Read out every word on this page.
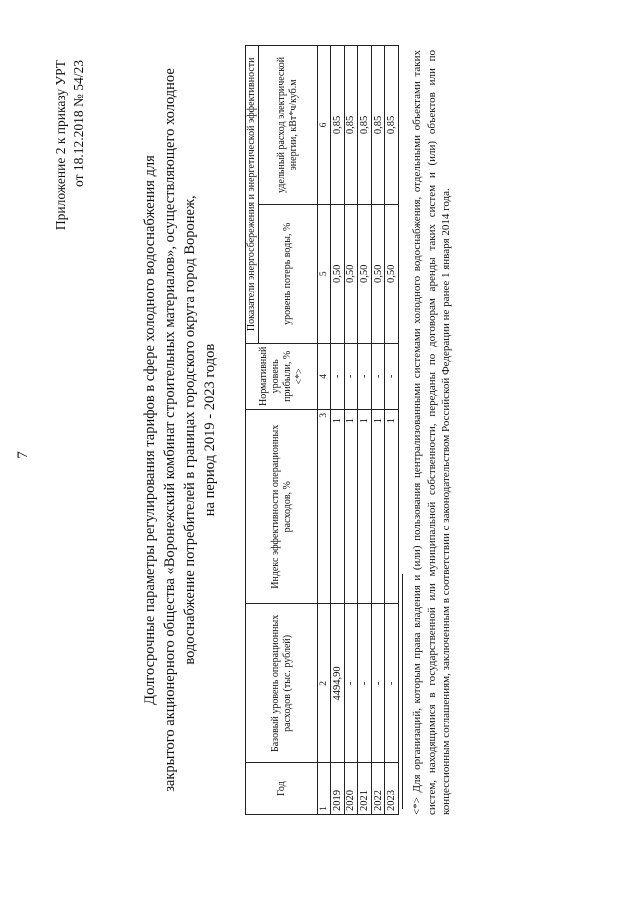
7
Приложение 2 к приказу УРТ от 18.12.2018 № 54/23
Долгосрочные параметры регулирования тарифов в сфере холодного водоснабжения для закрытого акционерного общества «Воронежский комбинат строительных материалов», осуществляющего холодное водоснабжение потребителей в границах городского округа город Воронеж, на период 2019 - 2023 годов
Год	Базовый уровень операционных расходов (тыс. рублей)	Индекс эффективности операционных расходов, %	Нормативный уровень прибыли, % <*>	Показатели энергосбережения и энергетической эффективности	
				уровень потерь воды, %	удельный расход электрической энергии, кВт*ч/куб.м
1	2	3	4	5	6
2019	4494,90	1	-	0,50	0,85
2020	-	1	-	0,50	0,85
2021	-	1	-	0,50	0,85
2022	-	1	-	0,50	0,85
2023	-	1	-	0,50	0,85 <*> Для организаций, которым права владения и (или) пользования централизованными системами холодного водоснабжения, отдельными объектами таких систем, находящимися в государственной или муниципальной собственности, переданы по договорам аренды таких систем и (или) объектов или по концессионным соглашениям, заключенным в соответствии с законодательством Российской Федерации не ранее 1 января 2014 года.
